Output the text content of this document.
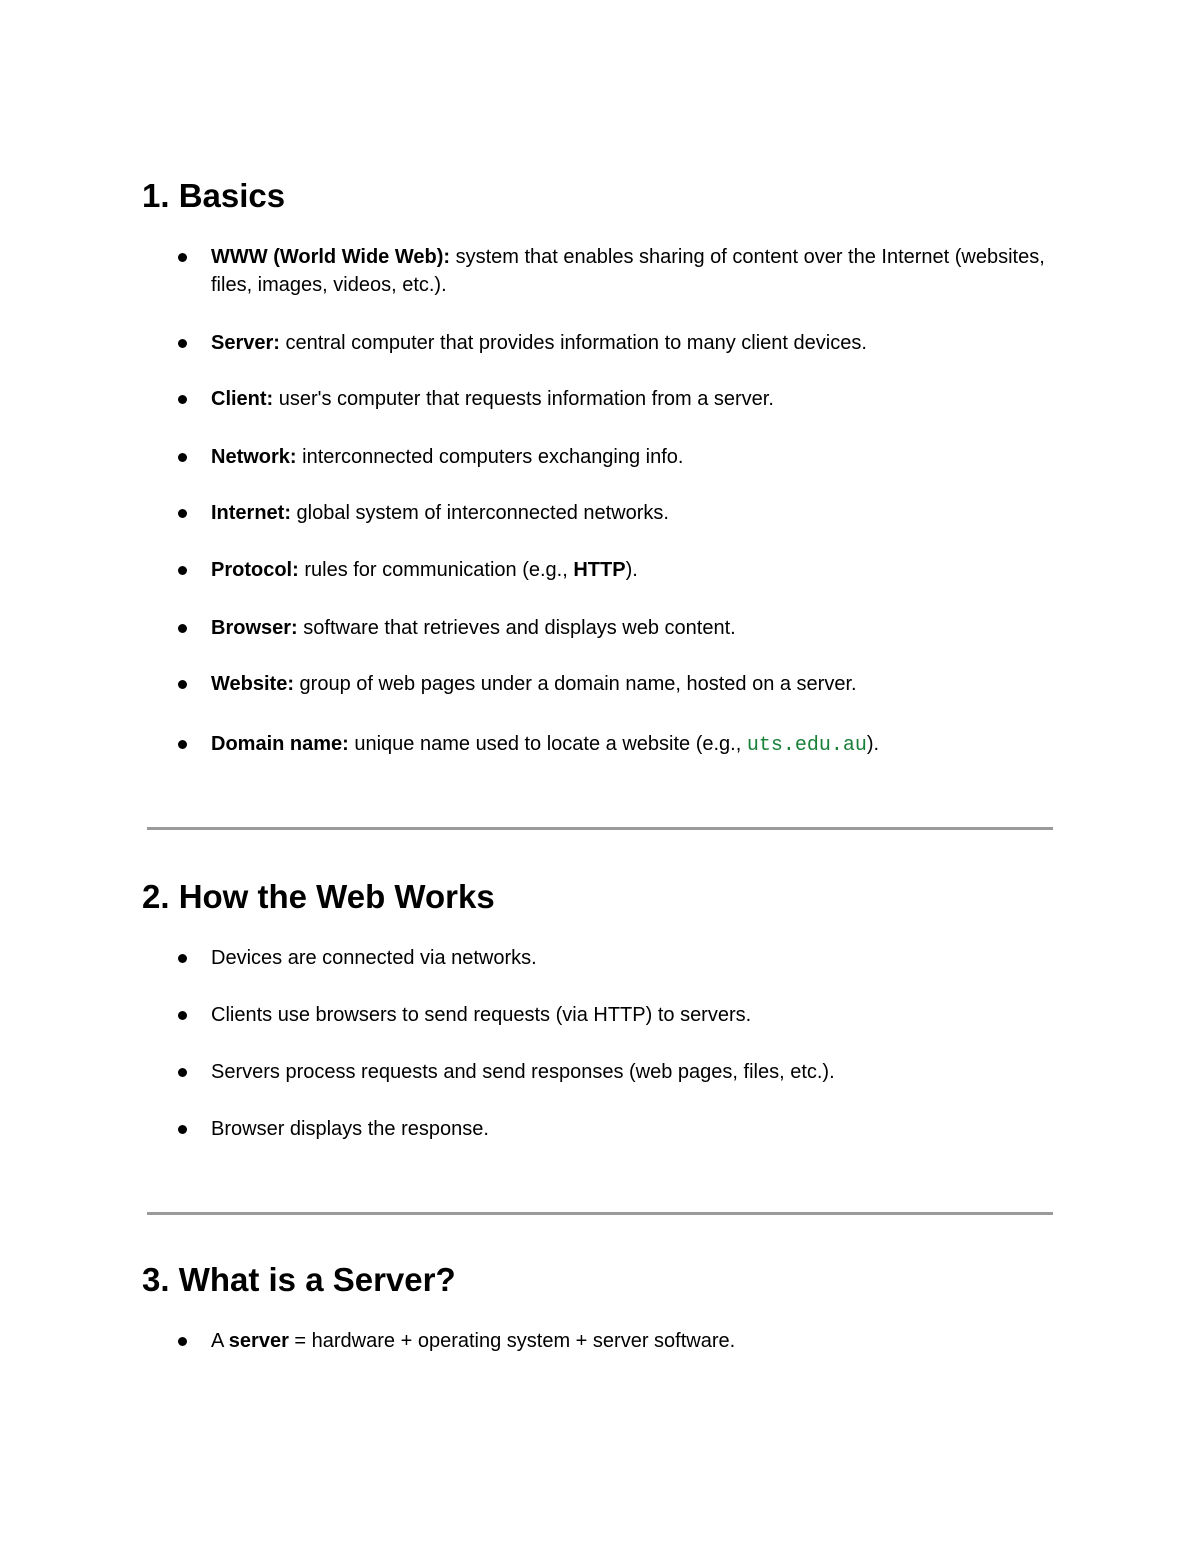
1. Basics
WWW (World Wide Web): system that enables sharing of content over the Internet (websites, files, images, videos, etc.).
Server: central computer that provides information to many client devices.
Client: user's computer that requests information from a server.
Network: interconnected computers exchanging info.
Internet: global system of interconnected networks.
Protocol: rules for communication (e.g., HTTP).
Browser: software that retrieves and displays web content.
Website: group of web pages under a domain name, hosted on a server.
Domain name: unique name used to locate a website (e.g., uts.edu.au).
2. How the Web Works
Devices are connected via networks.
Clients use browsers to send requests (via HTTP) to servers.
Servers process requests and send responses (web pages, files, etc.).
Browser displays the response.
3. What is a Server?
A server = hardware + operating system + server software.
